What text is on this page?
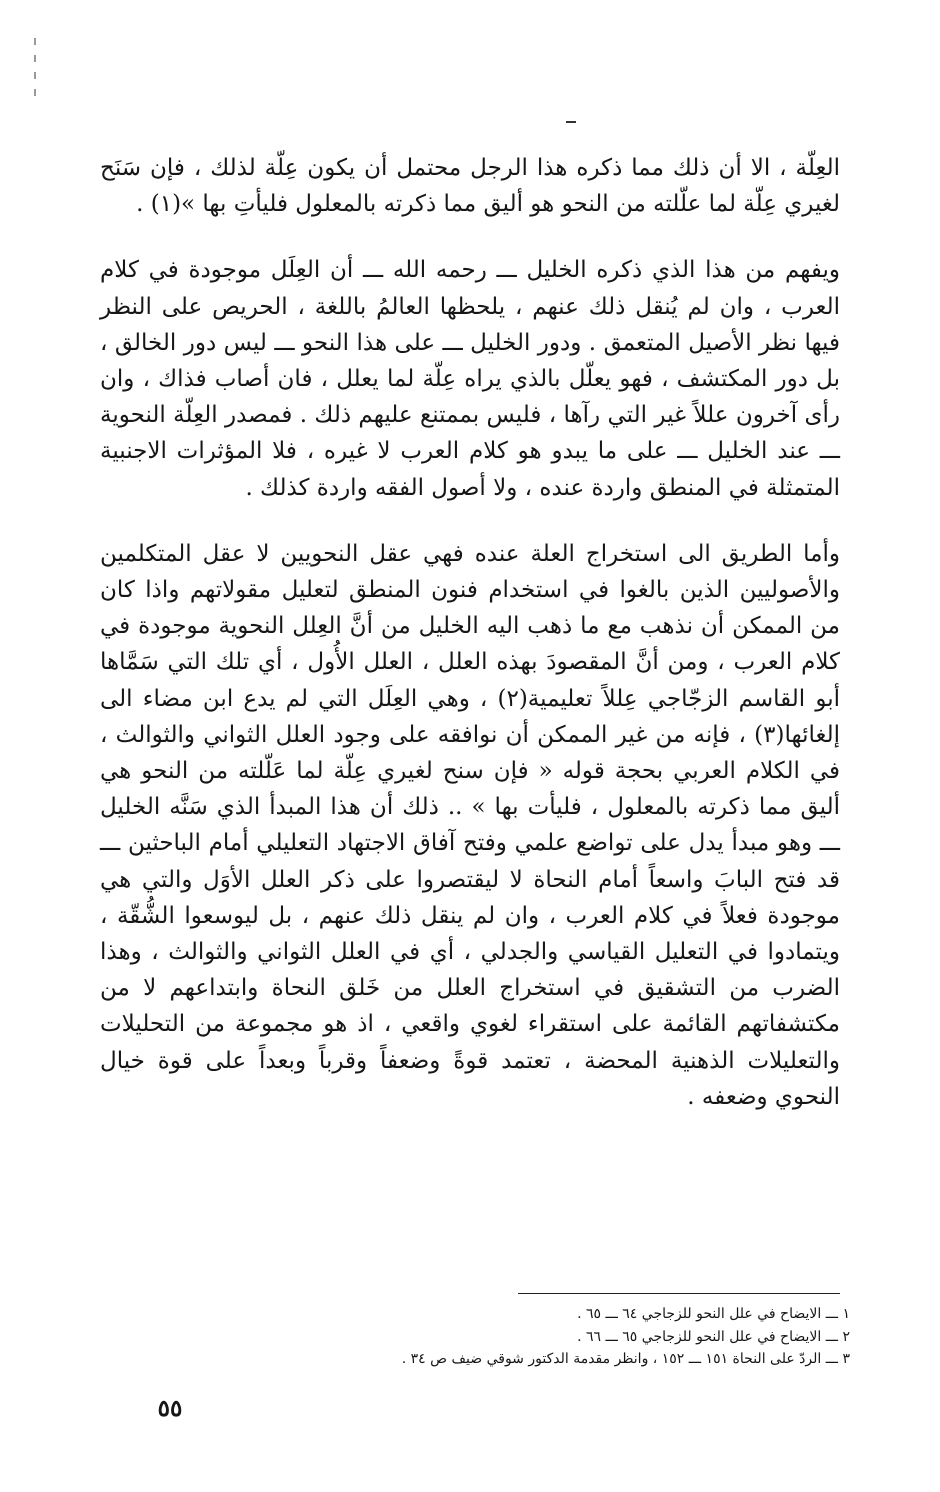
العِلّة ، الا أن ذلك مما ذكره هذا الرجل محتمل أن يكون عِلّة لذلك ، فإن سَنَح لغيري عِلّة لما علّلته من النحو هو أليق مما ذكرته بالمعلول فليأتِ بها »(١) .

ويفهم من هذا الذي ذكره الخليل ـــ رحمه الله ـــ أن العِلَل موجودة في كلام العرب ، وان لم يُنقل ذلك عنهم ، يلحظها العالمُ باللغة ، الحريص على النظر فيها نظر الأصيل المتعمق . ودور الخليل ـــ على هذا النحو ـــ ليس دور الخالق ، بل دور المكتشف ، فهو يعلّل بالذي يراه عِلّة لما يعلل ، فان أصاب فذاك ، وان رأى آخرون عللاً غير التي رآها ، فليس بممتنع عليهم ذلك . فمصدر العِلّة النحوية ـــ عند الخليل ـــ على ما يبدو هو كلام العرب لا غيره ، فلا المؤثرات الاجنبية المتمثلة في المنطق واردة عنده ، ولا أصول الفقه واردة كذلك .

وأما الطريق الى استخراج العلة عنده فهي عقل النحويين لا عقل المتكلمين والأصوليين الذين بالغوا في استخدام فنون المنطق لتعليل مقولاتهم واذا كان من الممكن أن نذهب مع ما ذهب اليه الخليل من أنَّ العِلل النحوية موجودة في كلام العرب ، ومن أنَّ المقصودَ بهذه العلل ، العلل الأُول ، أي تلك التي سَمَّاها أبو القاسم الزجّاجي عِللاً تعليمية(٢) ، وهي العِلَل التي لم يدع ابن مضاء الى إلغائها(٣) ، فإنه من غير الممكن أن نوافقه على وجود العلل الثواني والثوالث ، في الكلام العربي بحجة قوله « فإن سنح لغيري عِلّة لما عَلّلته من النحو هي أليق مما ذكرته بالمعلول ، فليأت بها » .. ذلك أن هذا المبدأ الذي سَنَّه الخليل ـــ وهو مبدأ يدل على تواضع علمي وفتح آفاق الاجتهاد التعليلي أمام الباحثين ـــ قد فتح البابَ واسعاً أمام النحاة لا ليقتصروا على ذكر العلل الأوَل والتي هي موجودة فعلاً في كلام العرب ، وان لم ينقل ذلك عنهم ، بل ليوسعوا الشُّقّة ، ويتمادوا في التعليل القياسي والجدلي ، أي في العلل الثواني والثوالث ، وهذا الضرب من التشقيق في استخراج العلل من خَلق النحاة وابتداعهم لا من مكتشفاتهم القائمة على استقراء لغوي واقعي ، اذ هو مجموعة من التحليلات والتعليلات الذهنية المحضة ، تعتمد قوةً وضعفاً وقرباً وبعداً على قوة خيال النحوي وضعفه .

١ ـــ الايضاح في علل النحو للزجاجي ٦٤ ـــ ٦٥ .
٢ ـــ الايضاح في علل النحو للزجاجي ٦٥ ـــ ٦٦ .
٣ ـــ الردّ على النحاة ١٥١ ـــ ١٥٢ ، وانظر مقدمة الدكتور شوقي ضيف ص ٣٤ .
٥٥
